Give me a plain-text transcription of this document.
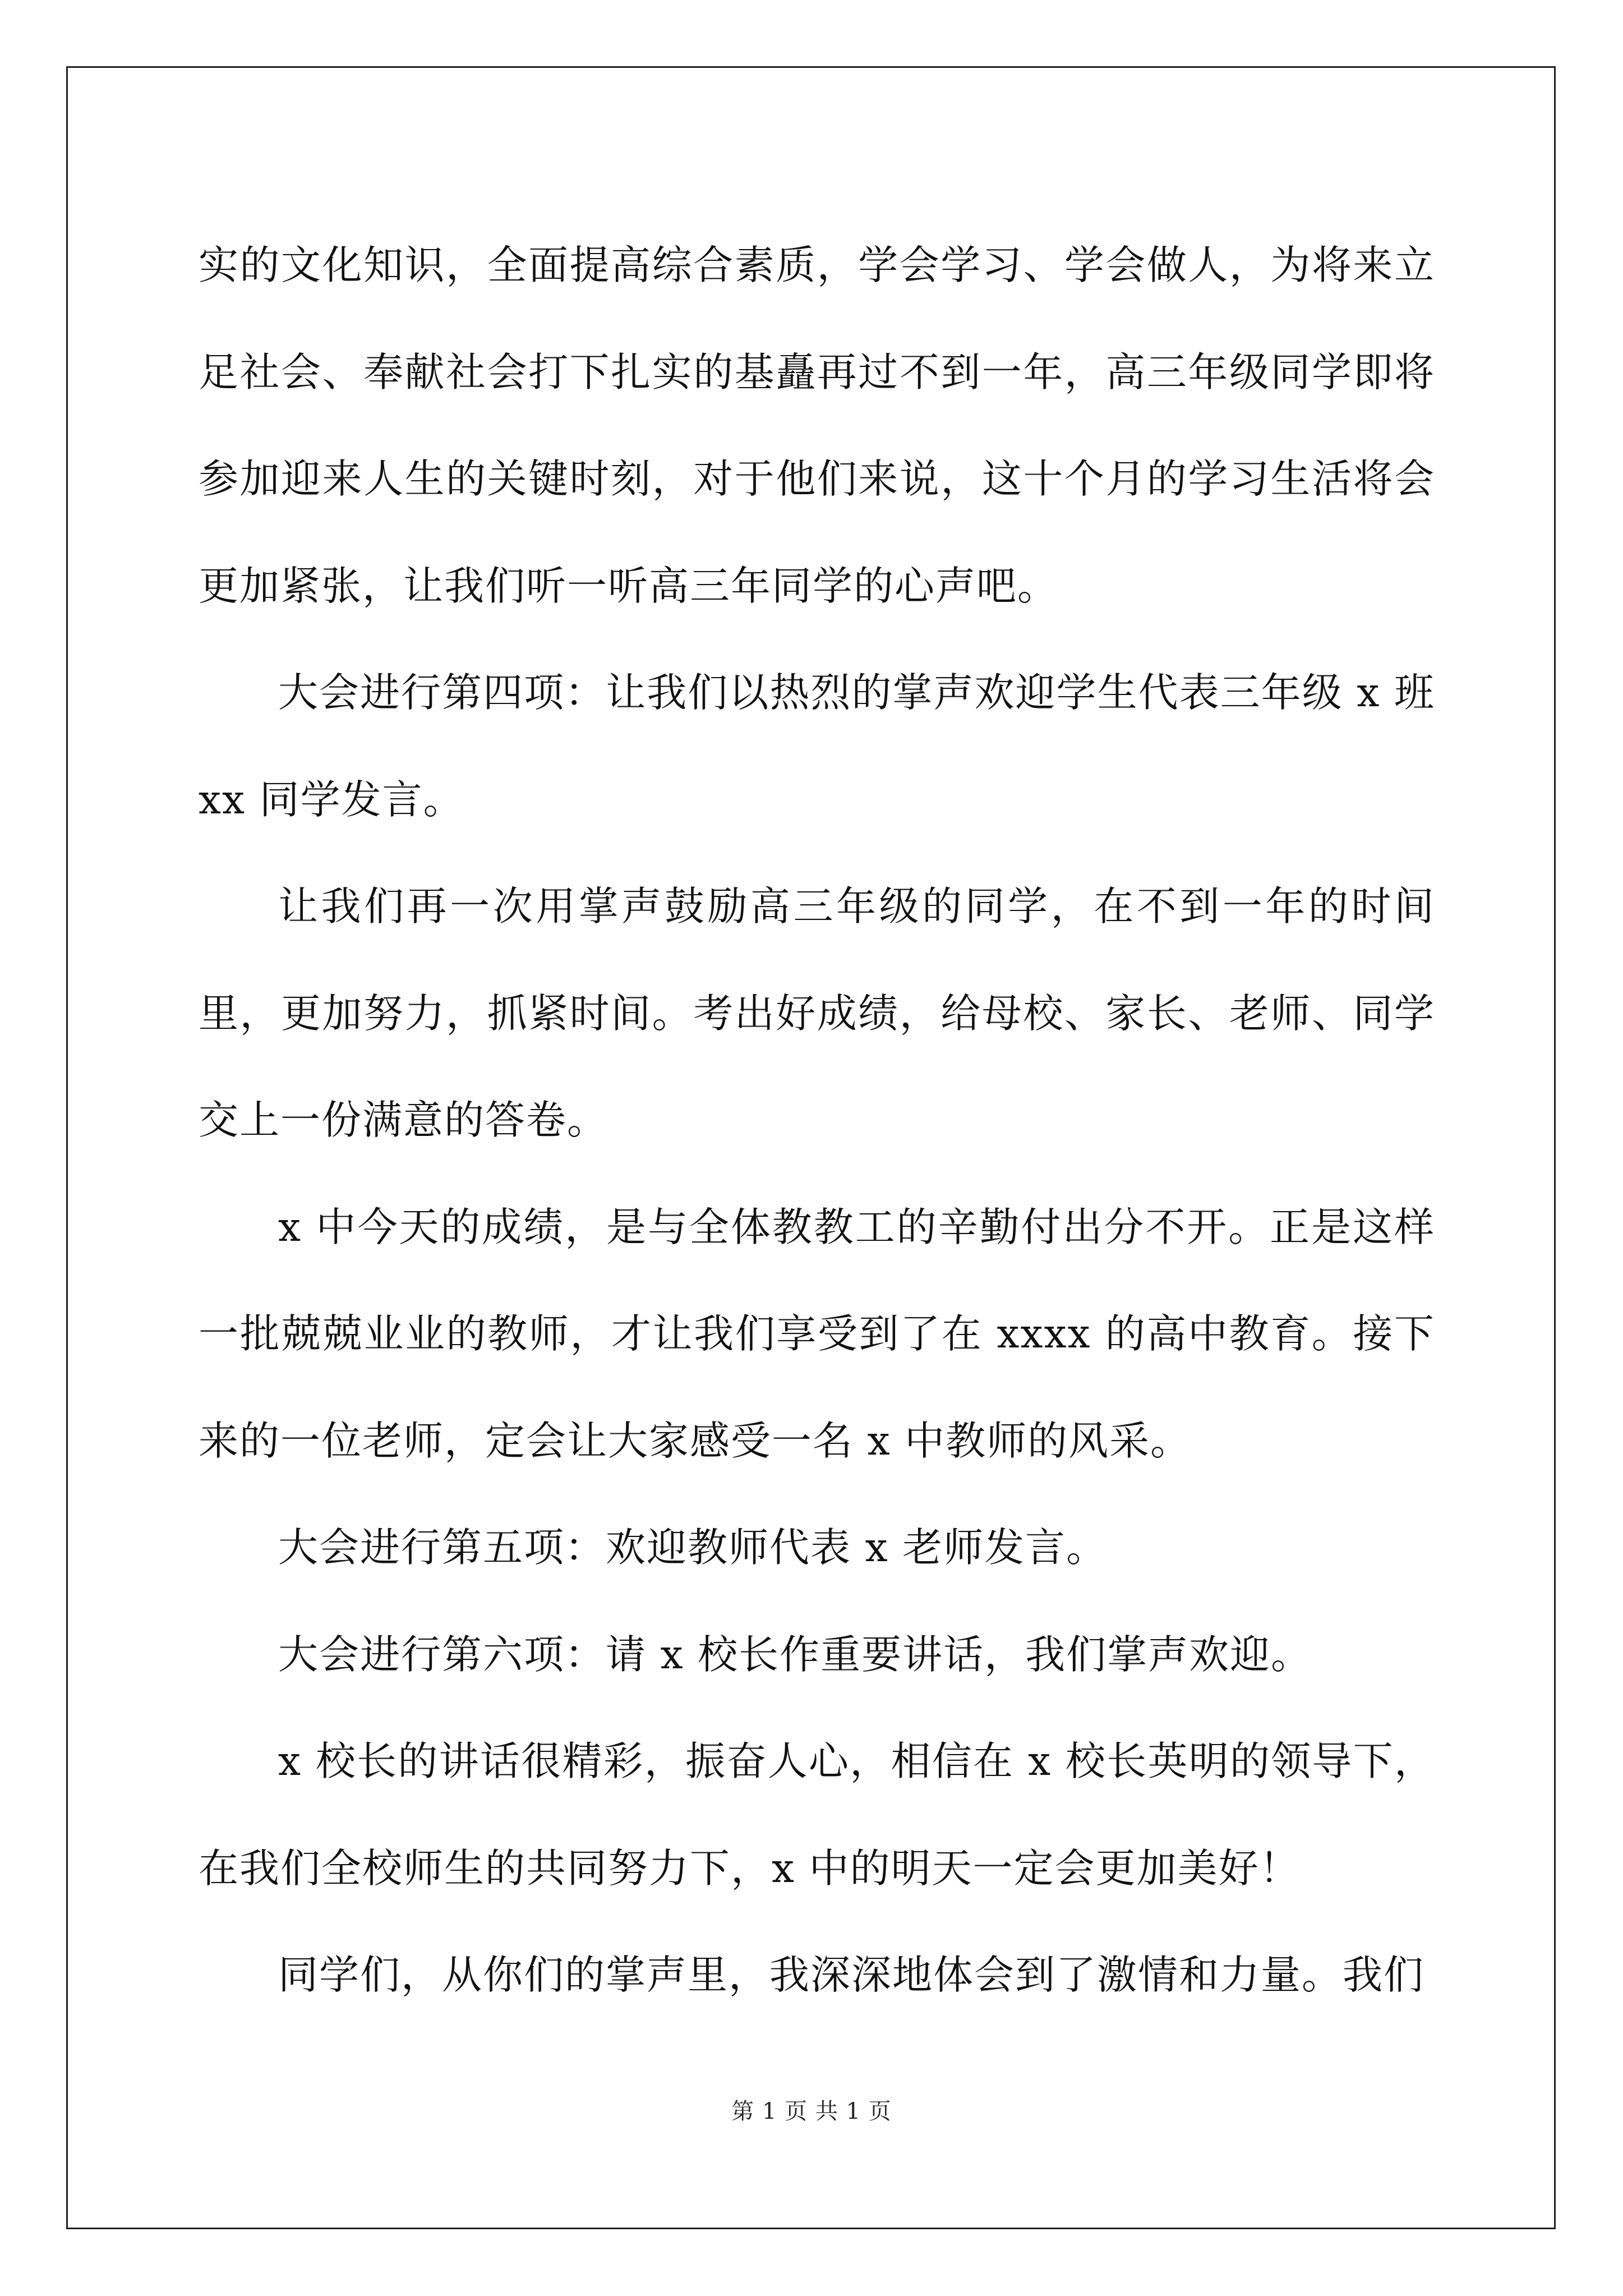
实的文化知识，全面提高综合素质，学会学习、学会做人，为将来立足社会、奉献社会打下扎实的基矗再过不到一年，高三年级同学即将参加迎来人生的关键时刻，对于他们来说，这十个月的学习生活将会更加紧张，让我们听一听高三年同学的心声吧。

大会进行第四项：让我们以热烈的掌声欢迎学生代表三年级 x 班 xx 同学发言。

让我们再一次用掌声鼓励高三年级的同学，在不到一年的时间里，更加努力，抓紧时间。考出好成绩，给母校、家长、老师、同学交上一份满意的答卷。

x 中今天的成绩，是与全体教教工的辛勤付出分不开。正是这样一批兢兢业业的教师，才让我们享受到了在 xxxx 的高中教育。接下来的一位老师，定会让大家感受一名 x 中教师的风采。

大会进行第五项：欢迎教师代表 x 老师发言。

大会进行第六项：请 x 校长作重要讲话，我们掌声欢迎。

x 校长的讲话很精彩，振奋人心，相信在 x 校长英明的领导下，在我们全校师生的共同努力下，x 中的明天一定会更加美好！

同学们，从你们的掌声里，我深深地体会到了激情和力量。我们

第 1 页 共 1 页
